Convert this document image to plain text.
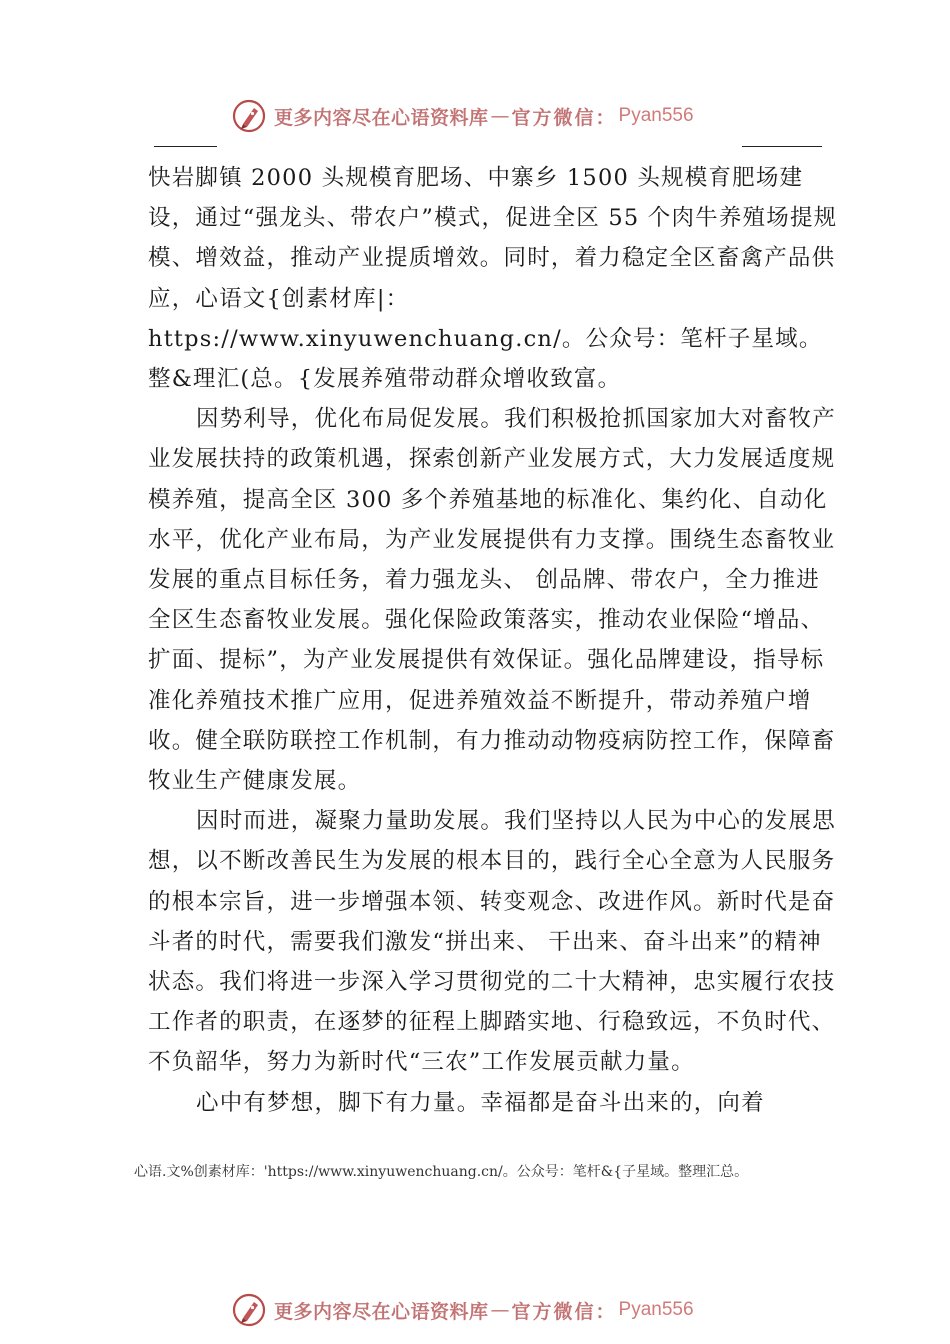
更多内容尽在心语资料库 — 官方微信： Pyan556

快岩脚镇 2000 头规模育肥场、中寨乡 1500 头规模育肥场建设，通过“强龙头、带农户”模式，促进全区 55 个肉牛养殖场提规模、增效益，推动产业提质增效。同时，着力稳定全区畜禽产品供应，心语文{创素材库|：https://www.xinyuwenchuang.cn/。公众号：笔杆子星域。整&理汇(总。{发展养殖带动群众增收致富。

因势利导，优化布局促发展。我们积极抢抓国家加大对畜牧产业发展扶持的政策机遇，探索创新产业发展方式，大力发展适度规模养殖，提高全区 300 多个养殖基地的标准化、集约化、自动化水平，优化产业布局，为产业发展提供有力支撑。围绕生态畜牧业发展的重点目标任务，着力强龙头、 创品牌、带农户，全力推进全区生态畜牧业发展。强化保险政策落实，推动农业保险“增品、扩面、提标”，为产业发展提供有效保证。强化品牌建设，指导标准化养殖技术推广应用，促进养殖效益不断提升，带动养殖户增收。健全联防联控工作机制，有力推动动物疫病防控工作，保障畜牧业生产健康发展。

因时而进，凝聚力量助发展。我们坚持以人民为中心的发展思想，以不断改善民生为发展的根本目的，践行全心全意为人民服务的根本宗旨，进一步增强本领、转变观念、改进作风。新时代是奋斗者的时代，需要我们激发“拼出来、 干出来、奋斗出来”的精神状态。我们将进一步深入学习贯彻党的二十大精神，忠实履行农技工作者的职责，在逐梦的征程上脚踏实地、行稳致远，不负时代、不负韶华，努力为新时代“三农”工作发展贡献力量。

心中有梦想，脚下有力量。幸福都是奋斗出来的，向着

心语.文%创素材库：'https://www.xinyuwenchuang.cn/。公众号：笔杆&{子星域。整理汇总。
更多内容尽在心语资料库 — 官方微信： Pyan556
